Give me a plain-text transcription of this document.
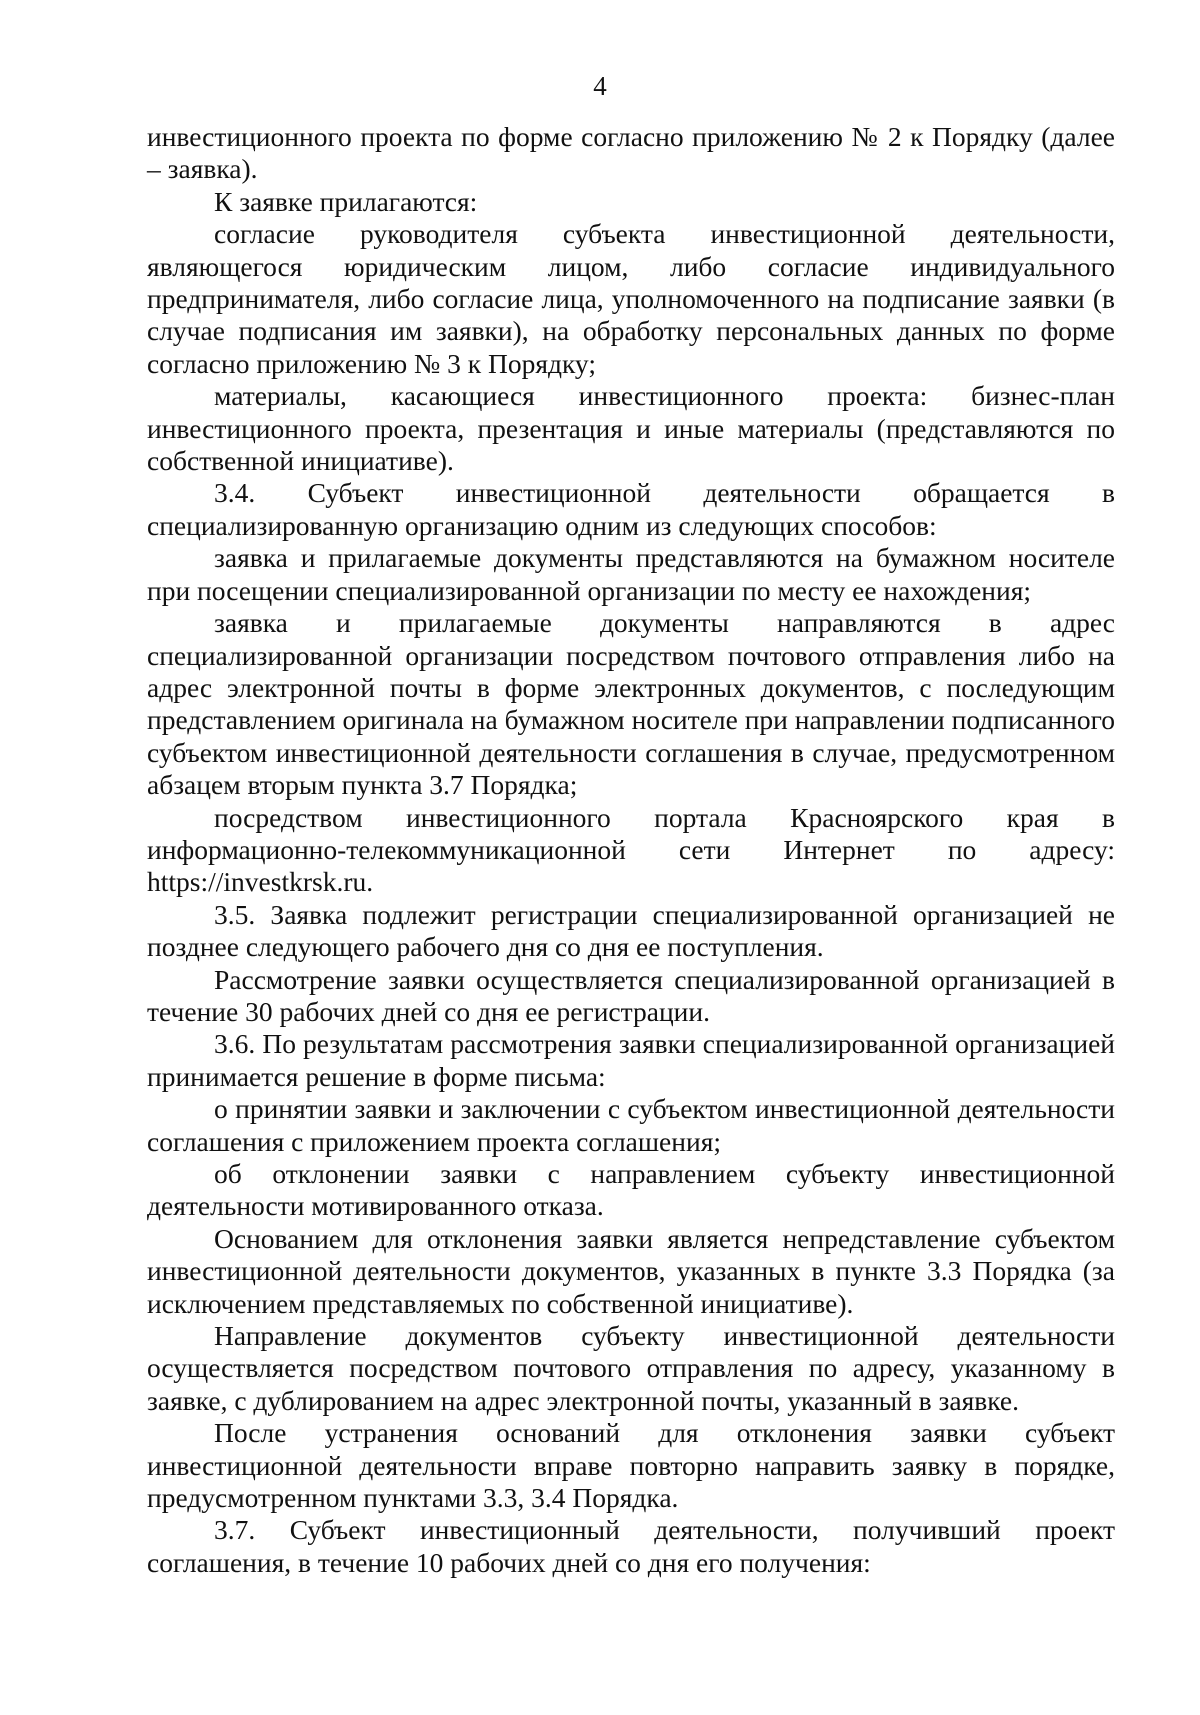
4

инвестиционного проекта по форме согласно приложению № 2 к Порядку (далее – заявка).

К заявке прилагаются:

согласие руководителя субъекта инвестиционной деятельности, являющегося юридическим лицом, либо согласие индивидуального предпринимателя, либо согласие лица, уполномоченного на подписание заявки (в случае подписания им заявки), на обработку персональных данных по форме согласно приложению № 3 к Порядку;

материалы, касающиеся инвестиционного проекта: бизнес-план инвестиционного проекта, презентация и иные материалы (представляются по собственной инициативе).

3.4. Субъект инвестиционной деятельности обращается в специализированную организацию одним из следующих способов:

заявка и прилагаемые документы представляются на бумажном носителе при посещении специализированной организации по месту ее нахождения;

заявка и прилагаемые документы направляются в адрес специализированной организации посредством почтового отправления либо на адрес электронной почты в форме электронных документов, с последующим представлением оригинала на бумажном носителе при направлении подписанного субъектом инвестиционной деятельности соглашения в случае, предусмотренном абзацем вторым пункта 3.7 Порядка;

посредством инвестиционного портала Красноярского края в информационно-телекоммуникационной сети Интернет по адресу: https://investkrsk.ru.

3.5. Заявка подлежит регистрации специализированной организацией не позднее следующего рабочего дня со дня ее поступления.

Рассмотрение заявки осуществляется специализированной организацией в течение 30 рабочих дней со дня ее регистрации.

3.6. По результатам рассмотрения заявки специализированной организацией принимается решение в форме письма:

о принятии заявки и заключении с субъектом инвестиционной деятельности соглашения с приложением проекта соглашения;

об отклонении заявки с направлением субъекту инвестиционной деятельности мотивированного отказа.

Основанием для отклонения заявки является непредставление субъектом инвестиционной деятельности документов, указанных в пункте 3.3 Порядка (за исключением представляемых по собственной инициативе).

Направление документов субъекту инвестиционной деятельности осуществляется посредством почтового отправления по адресу, указанному в заявке, с дублированием на адрес электронной почты, указанный в заявке.

После устранения оснований для отклонения заявки субъект инвестиционной деятельности вправе повторно направить заявку в порядке, предусмотренном пунктами 3.3, 3.4 Порядка.

3.7. Субъект инвестиционный деятельности, получивший проект соглашения, в течение 10 рабочих дней со дня его получения:
